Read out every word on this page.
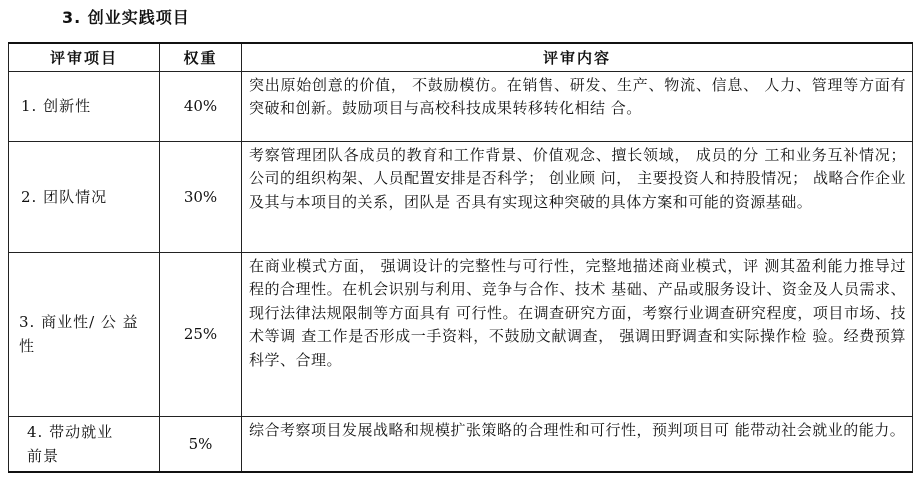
3. 创业实践项目
评审项目	权重	评审内容
1. 创新性	40%	突出原始创意的价值， 不鼓励模仿。在销售、研发、生产、物流、信息、 人力、管理等方面有突破和创新。鼓励项目与高校科技成果转移转化相结 合。
2. 团队情况	30%	考察管理团队各成员的教育和工作背景、价值观念、擅长领域， 成员的分 工和业务互补情况；公司的组织构架、人员配置安排是否科学； 创业顾 问， 主要投资人和持股情况； 战略合作企业及其与本项目的关系，团队是 否具有实现这种突破的具体方案和可能的资源基础。
3. 商业性/ 公 益性	25%	在商业模式方面， 强调设计的完整性与可行性，完整地描述商业模式，评 测其盈利能力推导过程的合理性。在机会识别与利用、竞争与合作、技术 基础、产品或服务设计、资金及人员需求、现行法律法规限制等方面具有 可行性。在调查研究方面，考察行业调查研究程度，项目市场、技术等调 查工作是否形成一手资料，不鼓励文献调查， 强调田野调查和实际操作检 验。经费预算科学、合理。
4. 带动就业 前景	5%	综合考察项目发展战略和规模扩张策略的合理性和可行性，预判项目可 能带动社会就业的能力。
